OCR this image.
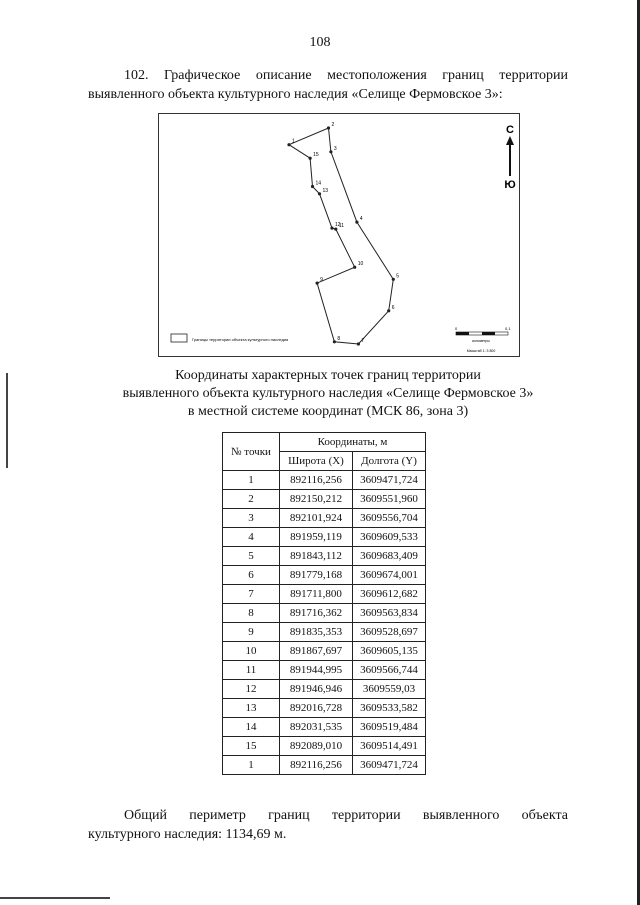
108
102. Графическое описание местоположения границ территории
выявленного объекта культурного наследия «Селище Фермовское 3»:
1
2
3
4
5
6
7
8
9
10
11
12
13
14
15
С
Ю
Границы территории объекта культурного наследия
0	0,1
километры
Масштаб 1: 3 800
Координаты характерных точек границ территории
выявленного объекта культурного наследия «Селище Фермовское 3»
в местной системе координат (МСК 86, зона 3)
№ точки	Координаты, м	
	Широта (X)	Долгота (Y)
1	892116,256	3609471,724
2	892150,212	3609551,960
3	892101,924	3609556,704
4	891959,119	3609609,533
5	891843,112	3609683,409
6	891779,168	3609674,001
7	891711,800	3609612,682
8	891716,362	3609563,834
9	891835,353	3609528,697
10	891867,697	3609605,135
11	891944,995	3609566,744
12	891946,946	3609559,03
13	892016,728	3609533,582
14	892031,535	3609519,484
15	892089,010	3609514,491
1	892116,256	3609471,724
Общий периметр границ территории выявленного объекта
культурного наследия: 1134,69 м.
